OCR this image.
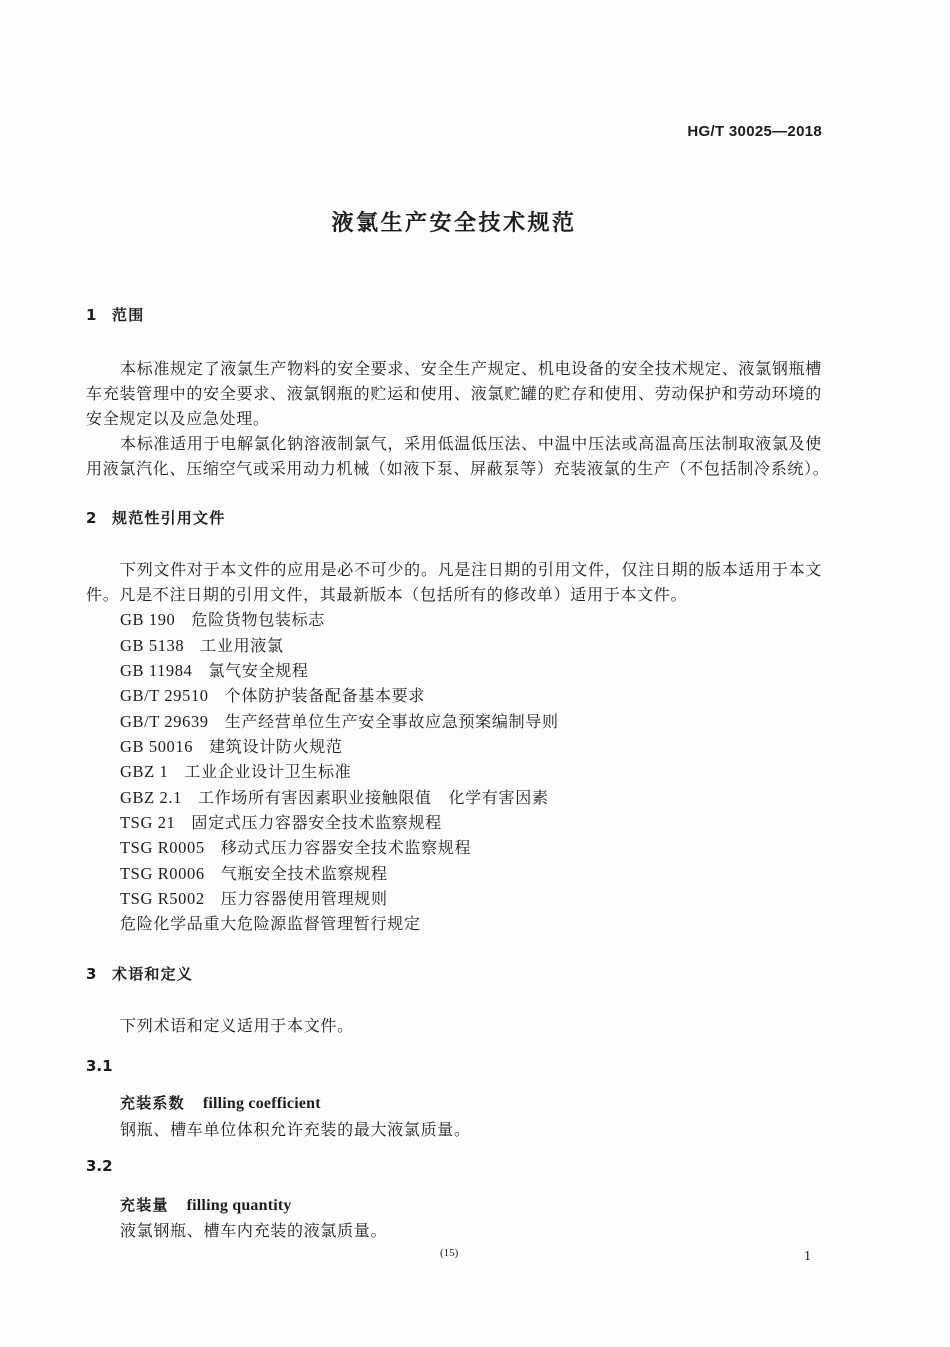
HG/T 30025—2018
液氯生产安全技术规范
1 范围
本标准规定了液氯生产物料的安全要求、安全生产规定、机电设备的安全技术规定、液氯钢瓶槽
车充装管理中的安全要求、液氯钢瓶的贮运和使用、液氯贮罐的贮存和使用、劳动保护和劳动环境的
安全规定以及应急处理。
本标准适用于电解氯化钠溶液制氯气，采用低温低压法、中温中压法或高温高压法制取液氯及使
用液氯汽化、压缩空气或采用动力机械（如液下泵、屏蔽泵等）充装液氯的生产（不包括制冷系统）。
2 规范性引用文件
下列文件对于本文件的应用是必不可少的。凡是注日期的引用文件，仅注日期的版本适用于本文
件。凡是不注日期的引用文件，其最新版本（包括所有的修改单）适用于本文件。
GB 190 危险货物包装标志
GB 5138 工业用液氯
GB 11984 氯气安全规程
GB/T 29510 个体防护装备配备基本要求
GB/T 29639 生产经营单位生产安全事故应急预案编制导则
GB 50016 建筑设计防火规范
GBZ 1 工业企业设计卫生标准
GBZ 2.1 工作场所有害因素职业接触限值　化学有害因素
TSG 21 固定式压力容器安全技术监察规程
TSG R0005 移动式压力容器安全技术监察规程
TSG R0006 气瓶安全技术监察规程
TSG R5002 压力容器使用管理规则
危险化学品重大危险源监督管理暂行规定
3 术语和定义
下列术语和定义适用于本文件。
3.1
充装系数 filling coefficient
钢瓶、槽车单位体积允许充装的最大液氯质量。
3.2
充装量 filling quantity
液氯钢瓶、槽车内充装的液氯质量。
(15)	1
